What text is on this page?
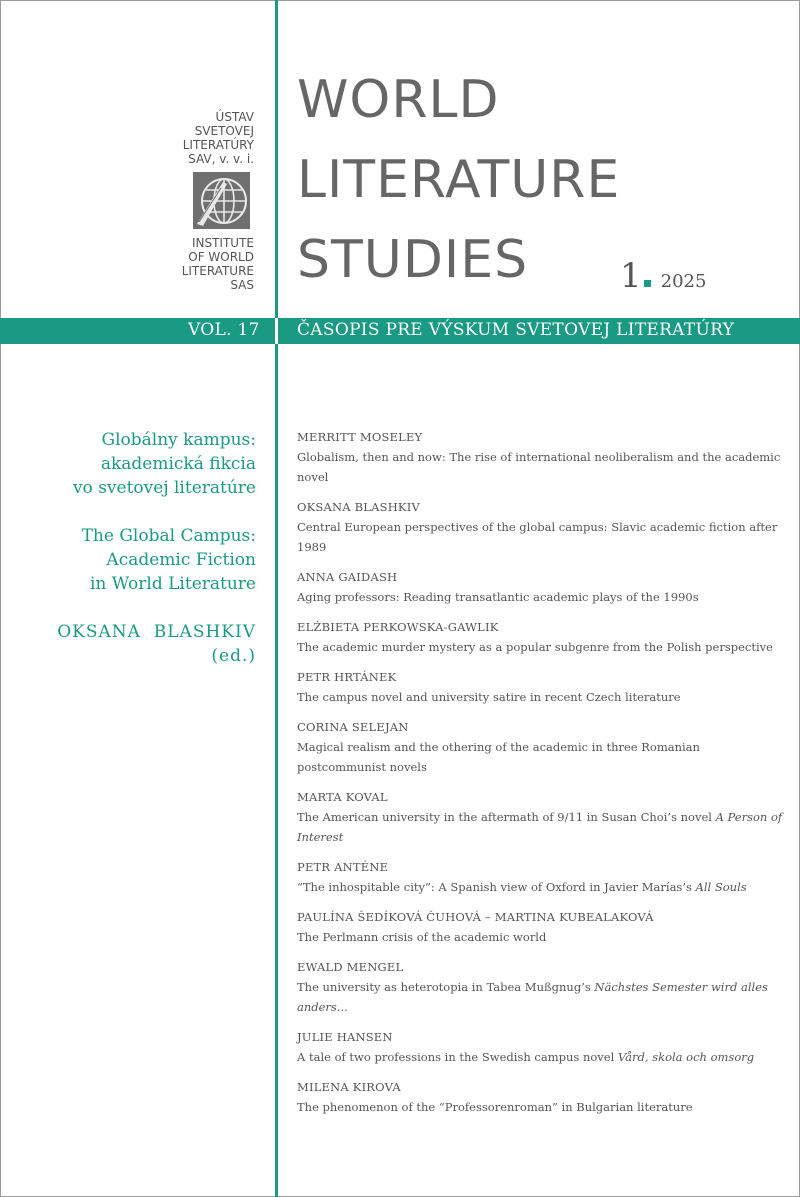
ÚSTAV
SVETOVEJ
LITERATÚRY
SAV, v. v. i.
INSTITUTE
OF WORLD
LITERATURE
SAS
WORLD
LITERATURE
STUDIES	1 2025
VOL. 17 ČASOPIS PRE VÝSKUM SVETOVEJ LITERATÚRY
Globálny kampus:
akademická fikcia
vo svetovej literatúre
The Global Campus:
Academic Fiction
in World Literature
OKSANA  BLASHKIV
(ed.)
MERRITT MOSELEY
Globalism, then and now: The rise of international neoliberalism and the academic novel
OKSANA BLASHKIV
Central European perspectives of the global campus: Slavic academic fiction after 1989
ANNA GAIDASH
Aging professors: Reading transatlantic academic plays of the 1990s
ELŻBIETA PERKOWSKA-GAWLIK
The academic murder mystery as a popular subgenre from the Polish perspective
PETR HRTÁNEK
The campus novel and university satire in recent Czech literature
CORINA SELEJAN
Magical realism and the othering of the academic in three Romanian postcommunist novels
MARTA KOVAL
The American university in the aftermath of 9/11 in Susan Choi’s novel A Person of Interest
PETR ANTÉNE
“The inhospitable city”: A Spanish view of Oxford in Javier Marías’s All Souls
PAULÍNA ŠEDÍKOVÁ ČUHOVÁ – MARTINA KUBEALAKOVÁ
The Perlmann crisis of the academic world
EWALD MENGEL
The university as heterotopia in Tabea Mußgnug’s Nächstes Semester wird alles anders...
JULIE HANSEN
A tale of two professions in the Swedish campus novel Vård, skola och omsorg
MILENA KIROVA
The phenomenon of the “Professorenroman” in Bulgarian literature
